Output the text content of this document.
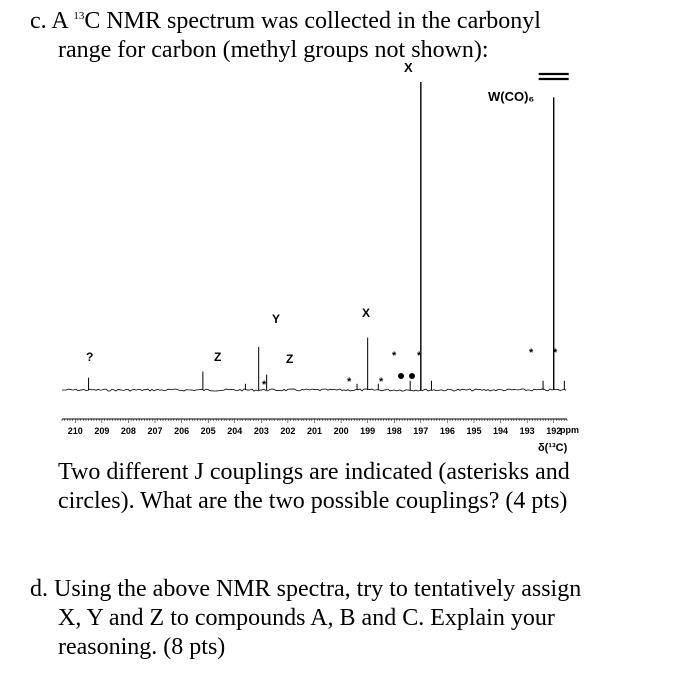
c. A $^{13}$C NMR spectrum was collected in the carbonyl
range for carbon (methyl groups not shown):

210 209 208 207 206 205 204 203 202 201 200 199 198 197 196 195 194 193 192
X
W(CO)₆
?	Z
Y
Z
X
*	*	*
* *	* *
ppm
δ(¹³C)

Two different J couplings are indicated (asterisks and
circles). What are the two possible couplings? (4 pts)

d. Using the above NMR spectra, try to tentatively assign
X, Y and Z to compounds A, B and C. Explain your
reasoning. (8 pts)
